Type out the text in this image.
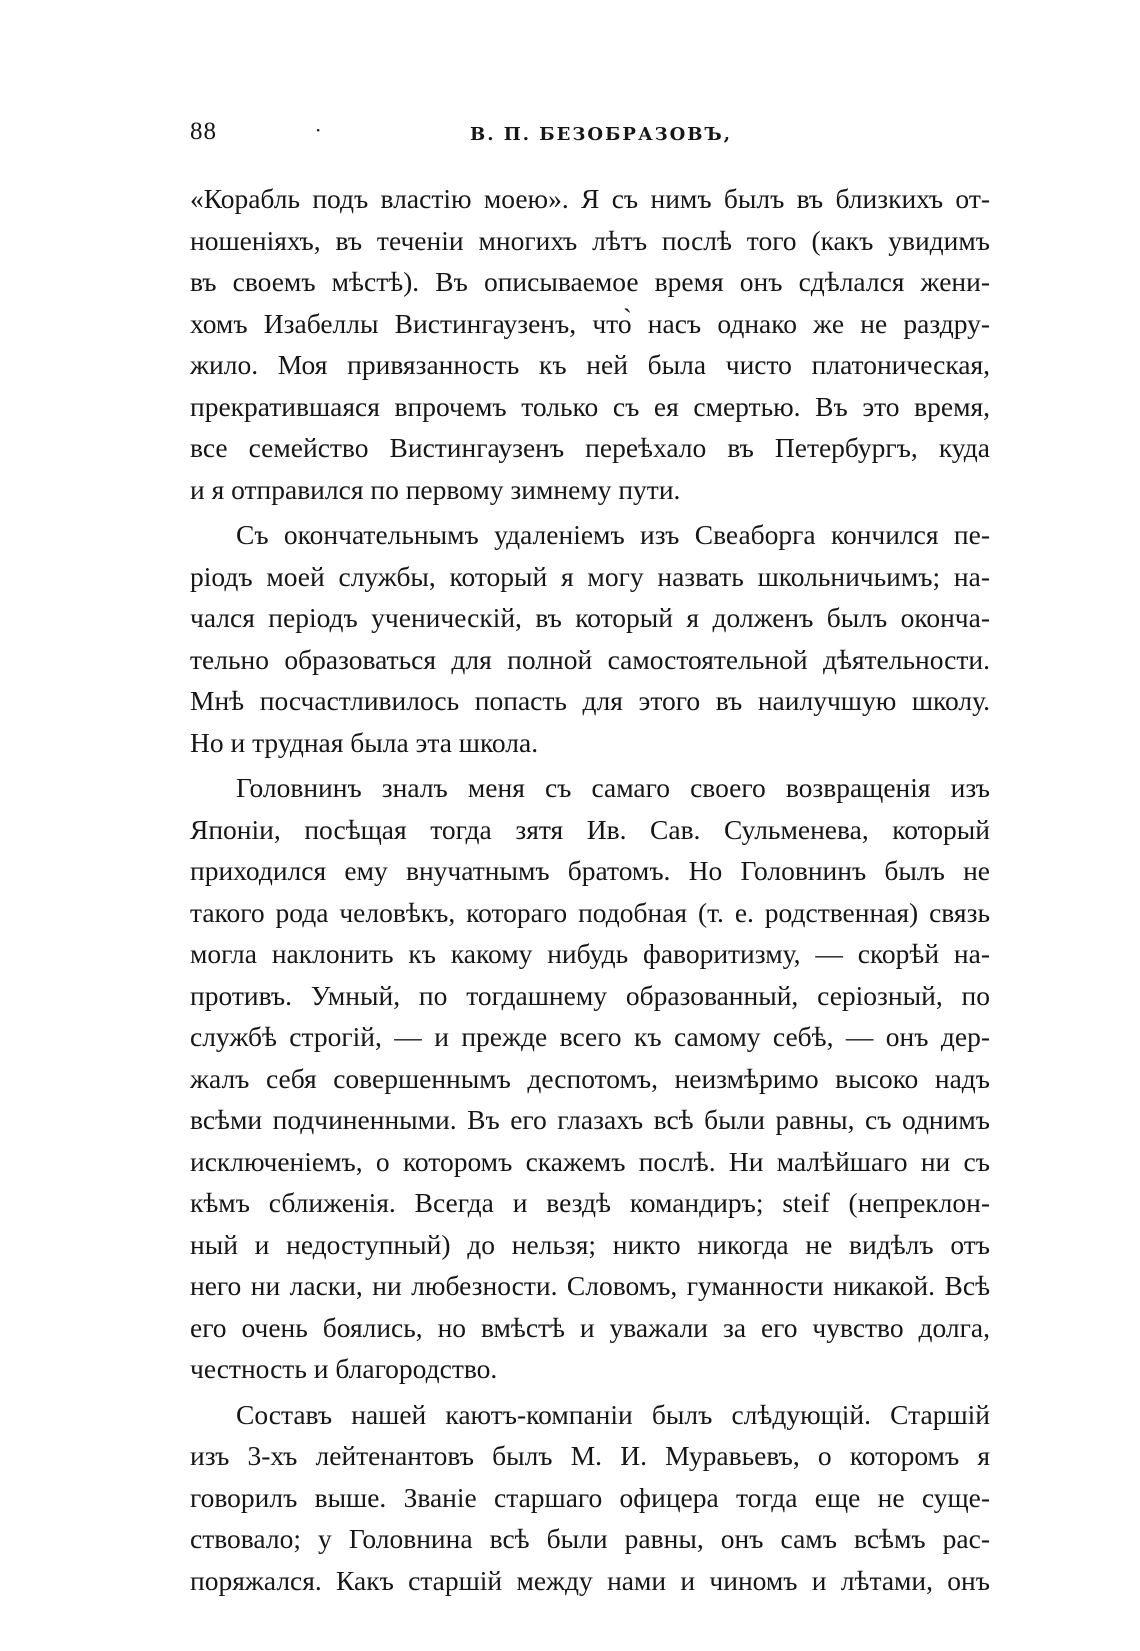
88	·	В. П. БЕЗОБРАЗОВЪ,
«Корабль подъ властію моею». Я съ нимъ былъ въ близкихъ от-
ношеніяхъ, въ теченіи многихъ лѣтъ послѣ того (какъ увидимъ
въ своемъ мѣстѣ). Въ описываемое время онъ сдѣлался жени-
хомъ Изабеллы Вистингаузенъ, что̀ насъ однако же не раздру-
жило. Моя привязанность къ ней была чисто платоническая,
прекратившаяся впрочемъ только съ ея смертью. Въ это время,
все семейство Вистингаузенъ переѣхало въ Петербургъ, куда
и я отправился по первому зимнему пути.
Съ окончательнымъ удаленіемъ изъ Свеаборга кончился пе-
ріодъ моей службы, который я могу назвать школьничьимъ; на-
чался періодъ ученическій, въ который я долженъ былъ оконча-
тельно образоваться для полной самостоятельной дѣятельности.
Мнѣ посчастливилось попасть для этого въ наилучшую школу.
Но и трудная была эта школа.
Головнинъ зналъ меня съ самаго своего возвращенія изъ
Японіи, посѣщая тогда зятя Ив. Сав. Сульменева, который
приходился ему внучатнымъ братомъ. Но Головнинъ былъ не
такого рода человѣкъ, котораго подобная (т. е. родственная) связь
могла наклонить къ какому нибудь фаворитизму, — скорѣй на-
противъ. Умный, по тогдашнему образованный, серіозный, по
службѣ строгій, — и прежде всего къ самому себѣ, — онъ дер-
жалъ себя совершеннымъ деспотомъ, неизмѣримо высоко надъ
всѣми подчиненными. Въ его глазахъ всѣ были равны, съ однимъ
исключеніемъ, о которомъ скажемъ послѣ. Ни малѣйшаго ни съ
кѣмъ сближенія. Всегда и вездѣ командиръ; steif (непреклон-
ный и недоступный) до нельзя; никто никогда не видѣлъ отъ
него ни ласки, ни любезности. Словомъ, гуманности никакой. Всѣ
его очень боялись, но вмѣстѣ и уважали за его чувство долга,
честность и благородство.
Составъ нашей каютъ-компаніи былъ слѣдующій. Старшій
изъ 3-хъ лейтенантовъ былъ М. И. Муравьевъ, о которомъ я
говорилъ выше. Званіе старшаго офицера тогда еще не суще-
ствовало; у Головнина всѣ были равны, онъ самъ всѣмъ рас-
поряжался. Какъ старшій между нами и чиномъ и лѣтами, онъ
